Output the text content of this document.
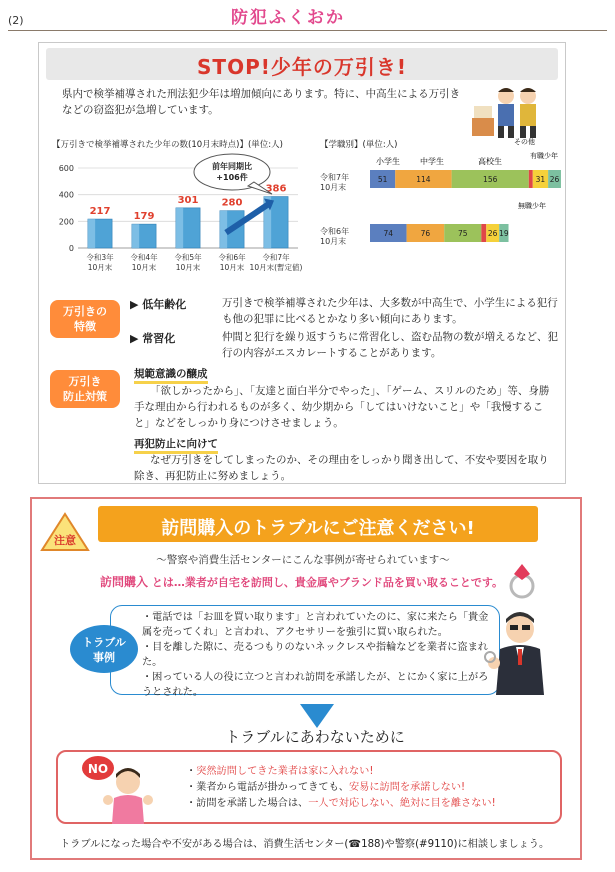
(2)	防犯ふくおか
STOP!少年の万引き!
県内で検挙補導された刑法犯少年は増加傾向にあります。特に、中高生による万引きなどの窃盗犯が急増しています。
【万引きで検挙補導された少年の数(10月末時点)】(単位:人)
217 179
301 280
386
0
200
400
600
令和3年
10月末
令和4年
10月末
令和5年
10月末
令和6年
10月末
令和7年
10月末(暫定値)
前年同期比
+106件
【学職別】(単位:人)
小学生	中学生	高校生
その他
有職少年
無職少年
令和7年
10月末
51	114	156	31 26
令和6年
10月末
74	76	75	26 19
万引きの
特徴
▶ 低年齢化	万引きで検挙補導された少年は、大多数が中高生で、小学生による犯行も他の犯罪に比べるとかなり多い傾向にあります。
▶ 常習化	仲間と犯行を繰り返すうちに常習化し、盗む品物の数が増えるなど、犯行の内容がエスカレートすることがあります。
万引き
防止対策
規範意識の醸成
「欲しかったから」、「友達と面白半分でやった」、「ゲーム、スリルのため」等、身勝手な理由から行われるものが多く、幼少期から「してはいけないこと」や「我慢すること」などをしっかり身につけさせましょう。
再犯防止に向けて
なぜ万引きをしてしまったのか、その理由をしっかり聞き出して、不安や要因を取り除き、再犯防止に努めましょう。
注意
訪問購入のトラブルにご注意ください!
〜警察や消費生活センターにこんな事例が寄せられています〜
訪問購入 とは…業者が自宅を訪問し、貴金属やブランド品を買い取ることです。
トラブル
事例
・電話では「お皿を買い取ります」と言われていたのに、家に来たら「貴金属を売ってくれ」と言われ、アクセサリーを強引に買い取られた。
・目を離した隙に、売るつもりのないネックレスや指輪などを業者に盗まれた。
・困っている人の役に立つと言われ訪問を承諾したが、とにかく家に上がろうとされた。
トラブルにあわないために
NO	・突然訪問してきた業者は家に入れない!
・業者から電話が掛かってきても、安易に訪問を承諾しない!
・訪問を承諾した場合は、一人で対応しない、絶対に目を離さない!
トラブルになった場合や不安がある場合は、消費生活センター(☎188)や警察(#9110)に相談しましょう。
